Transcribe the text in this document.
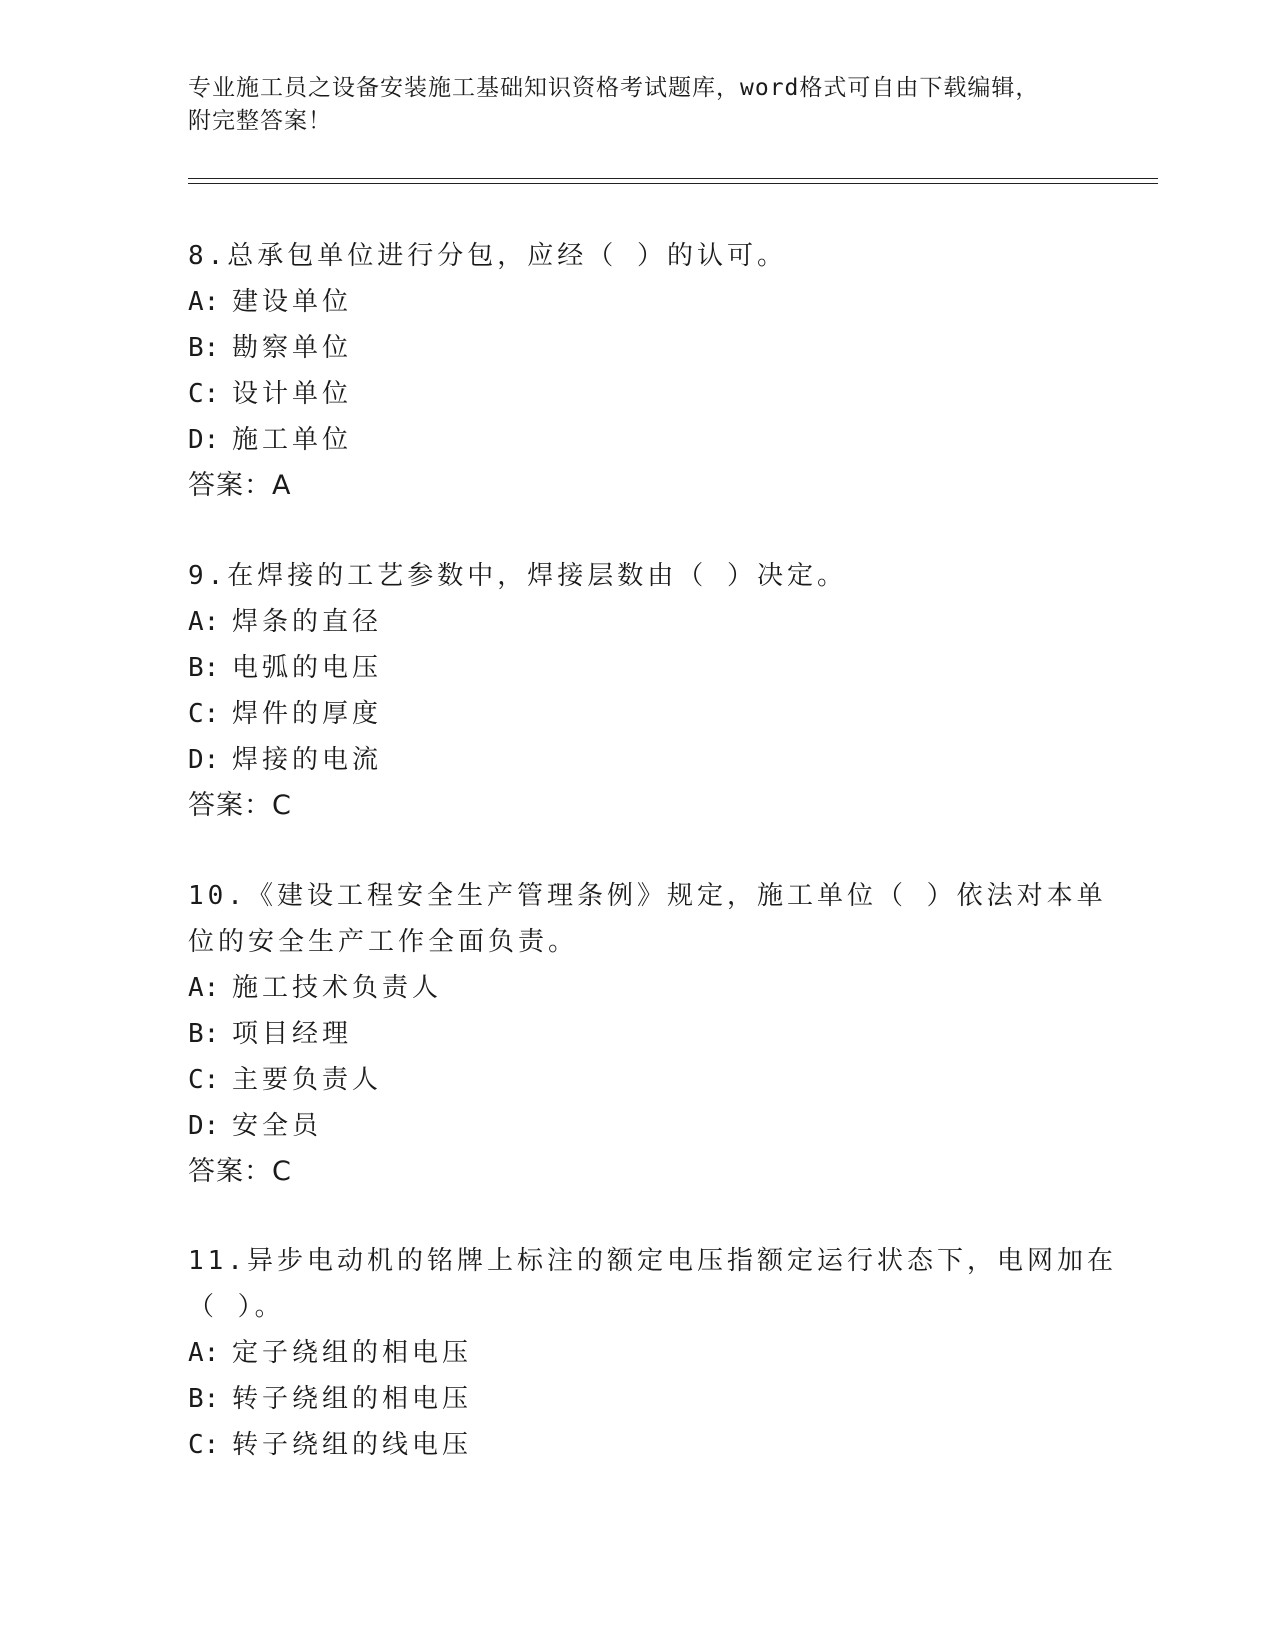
专业施工员之设备安装施工基础知识资格考试题库，word格式可自由下载编辑，
附完整答案！
8.总承包单位进行分包，应经（ ）的认可。
A: 建设单位
B: 勘察单位
C: 设计单位
D: 施工单位
答案：A
9.在焊接的工艺参数中，焊接层数由（ ）决定。
A: 焊条的直径
B: 电弧的电压
C: 焊件的厚度
D: 焊接的电流
答案：C
10.《建设工程安全生产管理条例》规定，施工单位（ ）依法对本单
位的安全生产工作全面负责。
A: 施工技术负责人
B: 项目经理
C: 主要负责人
D: 安全员
答案：C
11.异步电动机的铭牌上标注的额定电压指额定运行状态下，电网加在
（ ）。
A: 定子绕组的相电压
B: 转子绕组的相电压
C: 转子绕组的线电压
